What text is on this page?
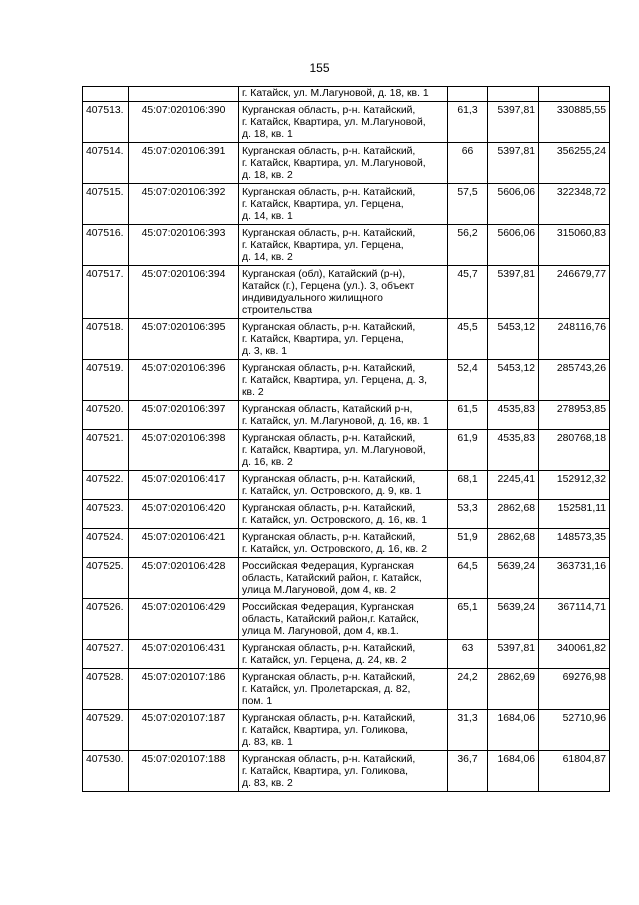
155
		г. Катайск, ул. М.Лагуновой, д. 18, кв. 1			
407513.	45:07:020106:390	Курганская область, р-н. Катайский,
г. Катайск, Квартира, ул. М.Лагуновой,
д. 18, кв. 1	61,3	5397,81	330885,55
407514.	45:07:020106:391	Курганская область, р-н. Катайский,
г. Катайск, Квартира, ул. М.Лагуновой,
д. 18, кв. 2	66	5397,81	356255,24
407515.	45:07:020106:392	Курганская область, р-н. Катайский,
г. Катайск, Квартира, ул. Герцена,
д. 14, кв. 1	57,5	5606,06	322348,72
407516.	45:07:020106:393	Курганская область, р-н. Катайский,
г. Катайск, Квартира, ул. Герцена,
д. 14, кв. 2	56,2	5606,06	315060,83
407517.	45:07:020106:394	Курганская (обл), Катайский (р-н),
Катайск (г.), Герцена (ул.). 3, объект
индивидуального жилищного
строительства	45,7	5397,81	246679,77
407518.	45:07:020106:395	Курганская область, р-н. Катайский,
г. Катайск, Квартира, ул. Герцена,
д. 3, кв. 1	45,5	5453,12	248116,76
407519.	45:07:020106:396	Курганская область, р-н. Катайский,
г. Катайск, Квартира, ул. Герцена, д. 3,
кв. 2	52,4	5453,12	285743,26
407520.	45:07:020106:397	Курганская область, Катайский р-н,
г. Катайск, ул. М.Лагуновой, д. 16, кв. 1	61,5	4535,83	278953,85
407521.	45:07:020106:398	Курганская область, р-н. Катайский,
г. Катайск, Квартира, ул. М.Лагуновой,
д. 16, кв. 2	61,9	4535,83	280768,18
407522.	45:07:020106:417	Курганская область, р-н. Катайский,
г. Катайск, ул. Островского, д. 9, кв. 1	68,1	2245,41	152912,32
407523.	45:07:020106:420	Курганская область, р-н. Катайский,
г. Катайск, ул. Островского, д. 16, кв. 1	53,3	2862,68	152581,11
407524.	45:07:020106:421	Курганская область, р-н. Катайский,
г. Катайск, ул. Островского, д. 16, кв. 2	51,9	2862,68	148573,35
407525.	45:07:020106:428	Российская Федерация, Курганская
область, Катайский район, г. Катайск,
улица М.Лагуновой, дом 4, кв. 2	64,5	5639,24	363731,16
407526.	45:07:020106:429	Российская Федерация, Курганская
область, Катайский район,г. Катайск,
улица М. Лагуновой, дом 4, кв.1.	65,1	5639,24	367114,71
407527.	45:07:020106:431	Курганская область, р-н. Катайский,
г. Катайск, ул. Герцена, д. 24, кв. 2	63	5397,81	340061,82
407528.	45:07:020107:186	Курганская область, р-н. Катайский,
г. Катайск, ул. Пролетарская, д. 82,
пом. 1	24,2	2862,69	69276,98
407529.	45:07:020107:187	Курганская область, р-н. Катайский,
г. Катайск, Квартира, ул. Голикова,
д. 83, кв. 1	31,3	1684,06	52710,96
407530.	45:07:020107:188	Курганская область, р-н. Катайский,
г. Катайск, Квартира, ул. Голикова,
д. 83, кв. 2	36,7	1684,06	61804,87
